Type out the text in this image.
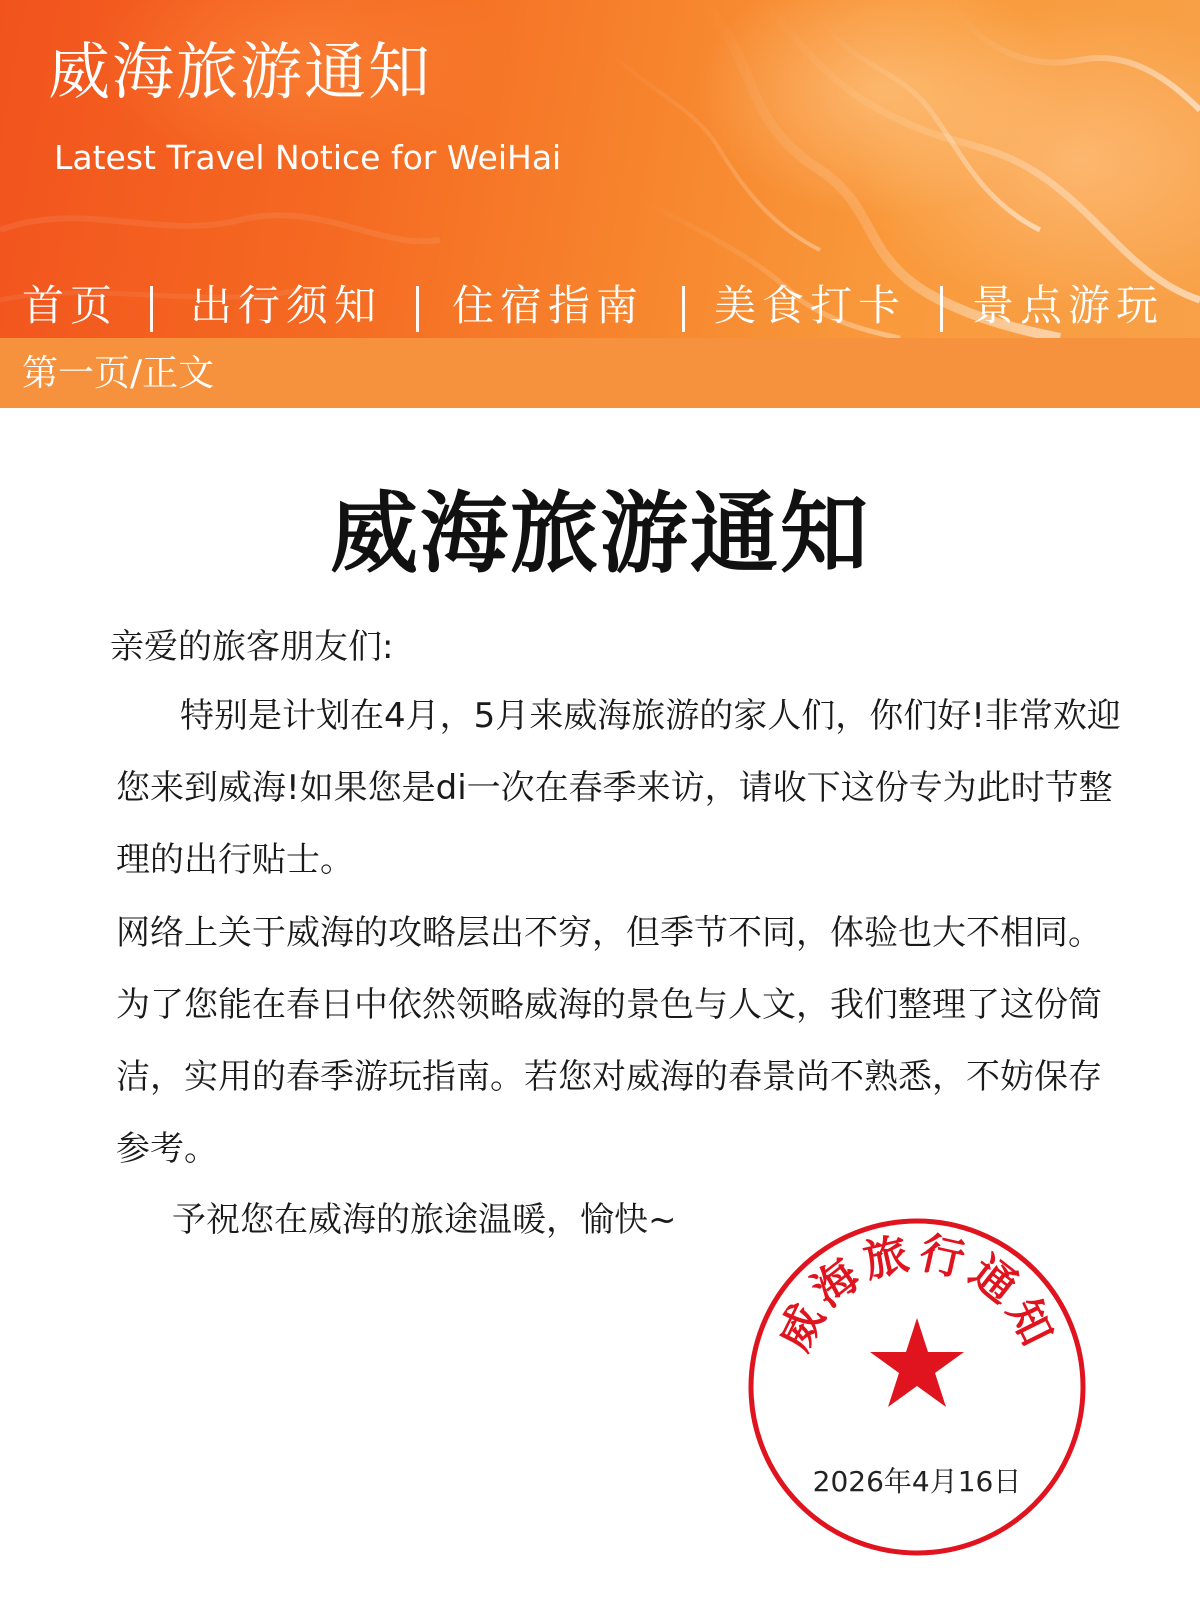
威海旅游通知
Latest Travel Notice for WeiHai
首页 出行须知 住宿指南 美食打卡 景点游玩
第一页/正文
威海旅游通知
亲爱的旅客朋友们:

特别是计划在4月，5月来威海旅游的家人们，你们好!非常欢迎您来到威海!如果您是di一次在春季来访，请收下这份专为此时节整理的出行贴士。

网络上关于威海的攻略层出不穷，但季节不同，体验也大不相同。为了您能在春日中依然领略威海的景色与人文，我们整理了这份简洁，实用的春季游玩指南。若您对威海的春景尚不熟悉，不妨保存参考。

予祝您在威海的旅途温暖，愉快~

威海旅行通知
2026年4月16日
